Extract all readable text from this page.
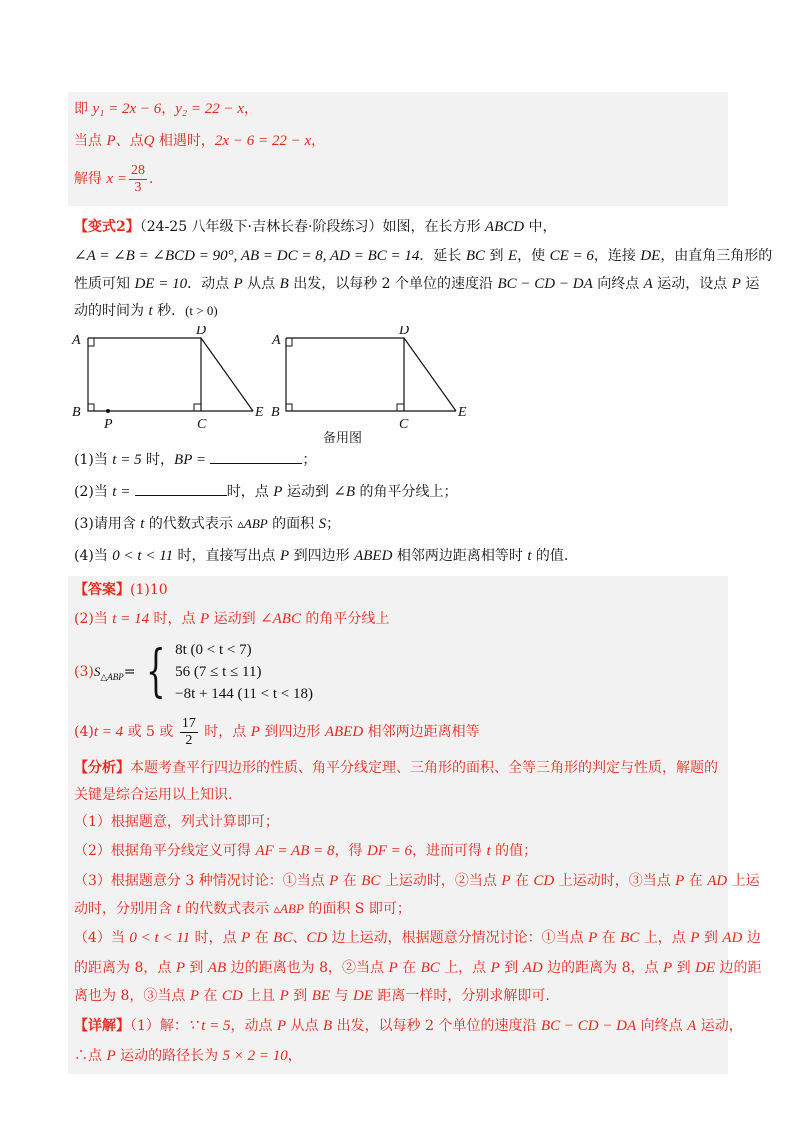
即 y₁ = 2x − 6，y₂ = 22 − x，
当点 P、点Q 相遇时，2x − 6 = 22 − x，
解得 $x = \frac{28}{3}$ ．
【变式2】（24-25 八年级下·吉林长春·阶段练习）如图，在长方形 ABCD 中，
∠A = ∠B = ∠BCD = 90°, AB = DC = 8, AD = BC = 14．延长 BC 到 E，使 CE = 6，连接 DE，由直角三角形的
性质可知 DE = 10．动点 P 从点 B 出发，以每秒 2 个单位的速度沿 BC − CD − DA 向终点 A 运动，设点 P 运
动的时间为 t 秒．(t > 0)
A
D
B
P	C
E
A
D
B
C
E
备用图
(1)当 t = 5 时，BP =	；
(2)当 t =	时，点 P 运动到 ∠B 的角平分线上；
(3)请用含 t 的代数式表示 ▵ABP 的面积 S；
(4)当 0 < t < 11 时，直接写出点 P 到四边形 ABED 相邻两边距离相等时 t 的值.
【答案】(1)10
(2)当 t = 14 时，点 P 运动到 ∠ABC 的角平分线上
(3) S △ABP = { 8t (0 < t < 7)
56 (7 ≤ t ≤ 11)
−8t + 144 (11 < t < 18)
(4)t = 4 或 5 或 $\frac{17}{2}$ 时，点 P 到四边形 ABED 相邻两边距离相等
【分析】本题考查平行四边形的性质、角平分线定理、三角形的面积、全等三角形的判定与性质，解题的
关键是综合运用以上知识.
（1）根据题意，列式计算即可；
（2）根据角平分线定义可得 AF = AB = 8，得 DF = 6，进而可得 t 的值；
（3）根据题意分 3 种情况讨论：①当点 P 在 BC 上运动时，②当点 P 在 CD 上运动时，③当点 P 在 AD 上运
动时，分别用含 t 的代数式表示 ▵ABP 的面积 S 即可；
（4）当 0 < t < 11 时，点 P 在 BC、CD 边上运动，根据题意分情况讨论：①当点 P 在 BC 上，点 P 到 AD 边
的距离为 8，点 P 到 AB 边的距离也为 8，②当点 P 在 BC 上，点 P 到 AD 边的距离为 8，点 P 到 DE 边的距
离也为 8，③当点 P 在 CD 上且 P 到 BE 与 DE 距离一样时，分别求解即可.
【详解】（1）解：∵ t = 5，动点 P 从点 B 出发，以每秒 2 个单位的速度沿 BC − CD − DA 向终点 A 运动，
∴点 P 运动的路径长为 5 × 2 = 10，
